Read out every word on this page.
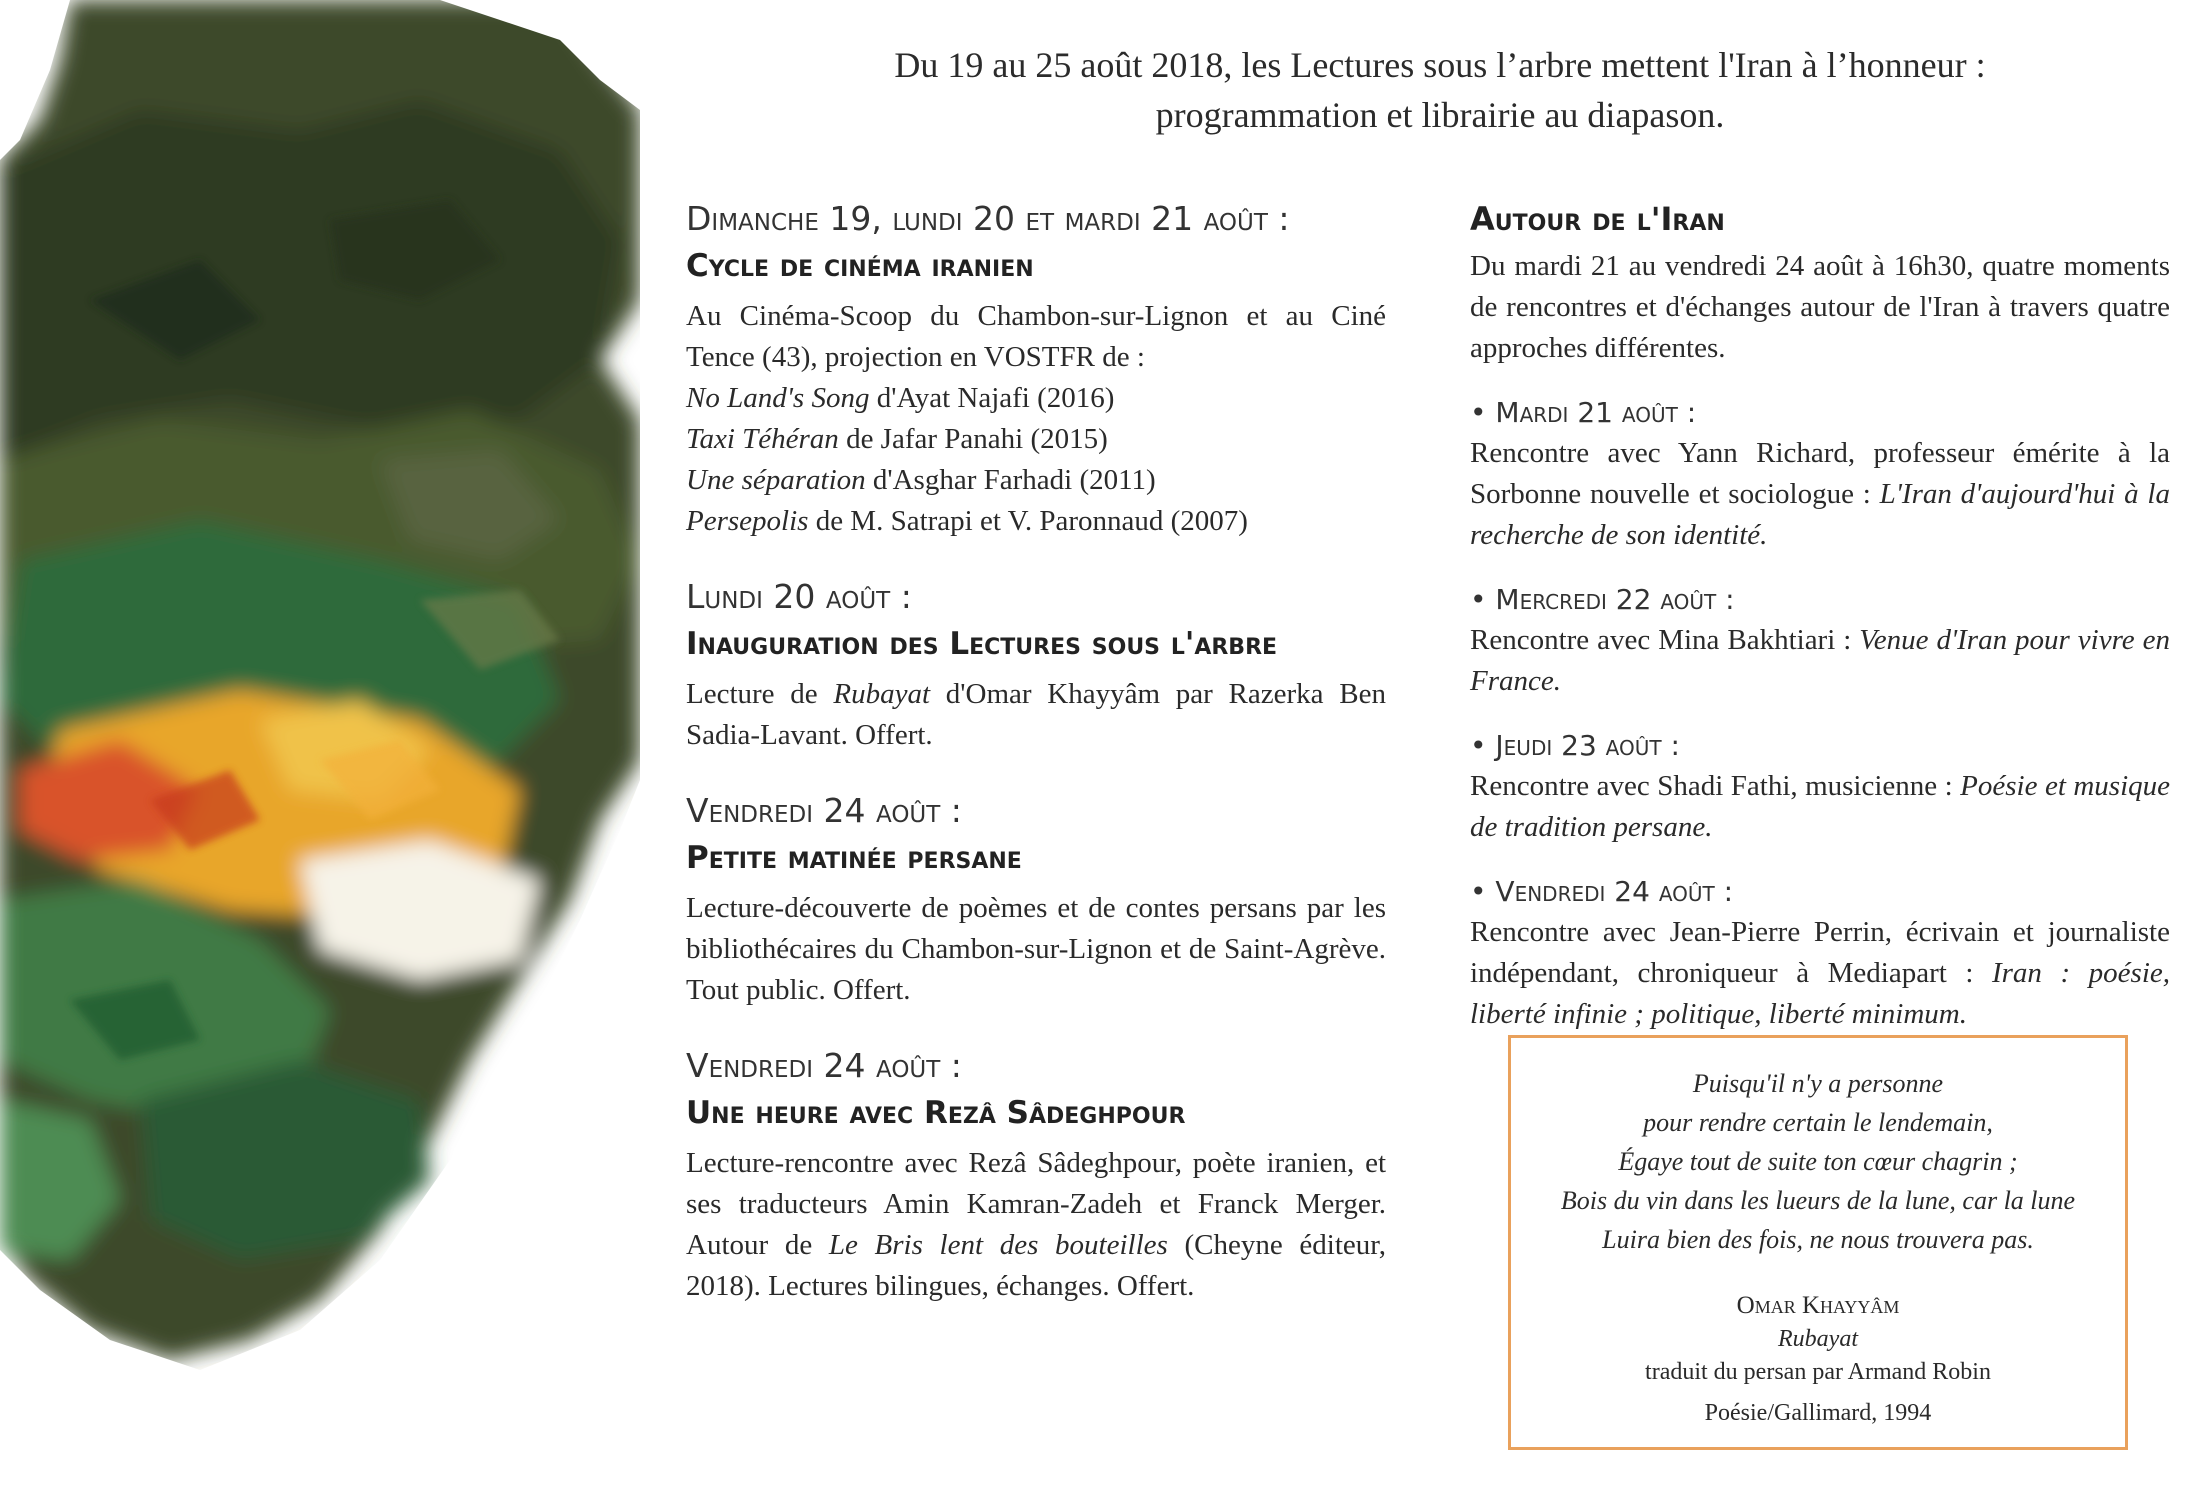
Du 19 au 25 août 2018, les Lectures sous l’arbre mettent l'Iran à l’honneur :
programmation et librairie au diapason.
Dimanche 19, lundi 20 et mardi 21 août :
Cycle de cinéma iranien
Au Cinéma-Scoop du Chambon-sur-Lignon et au Ciné Tence (43), projection en VOSTFR de :
No Land's Song d'Ayat Najafi (2016)
Taxi Téhéran de Jafar Panahi (2015)
Une séparation d'Asghar Farhadi (2011)
Persepolis de M. Satrapi et V. Paronnaud (2007)
Lundi 20 août :
Inauguration des Lectures sous l'arbre
Lecture de Rubayat d'Omar Khayyâm par Razerka Ben Sadia-Lavant. Offert.
Vendredi 24 août :
Petite matinée persane
Lecture-découverte de poèmes et de contes persans par les bibliothécaires du Chambon-sur-Lignon et de Saint-Agrève. Tout public. Offert.
Vendredi 24 août :
Une heure avec Rezâ Sâdeghpour
Lecture-rencontre avec Rezâ Sâdeghpour, poète iranien, et ses traducteurs Amin Kamran-Zadeh et Franck Merger. Autour de Le Bris lent des bouteilles (Cheyne éditeur, 2018). Lectures bilingues, échanges. Offert.
Autour de l'Iran
Du mardi 21 au vendredi 24 août à 16h30, quatre moments de rencontres et d'échanges autour de l'Iran à travers quatre approches différentes.
• Mardi 21 août :
Rencontre avec Yann Richard, professeur émérite à la Sorbonne nouvelle et sociologue : L'Iran d'aujourd'hui à la recherche de son identité.
• Mercredi 22 août :
Rencontre avec Mina Bakhtiari : Venue d'Iran pour vivre en France.
• Jeudi 23 août :
Rencontre avec Shadi Fathi, musicienne : Poésie et musique de tradition persane.
• Vendredi 24 août :
Rencontre avec Jean-Pierre Perrin, écrivain et journaliste indépendant, chroniqueur à Mediapart : Iran : poésie, liberté infinie ; politique, liberté minimum.
Puisqu'il n'y a personne
pour rendre certain le lendemain,
Égaye tout de suite ton cœur chagrin ;
Bois du vin dans les lueurs de la lune, car la lune
Luira bien des fois, ne nous trouvera pas.
Omar Khayyâm
Rubayat
traduit du persan par Armand Robin
Poésie/Gallimard, 1994
